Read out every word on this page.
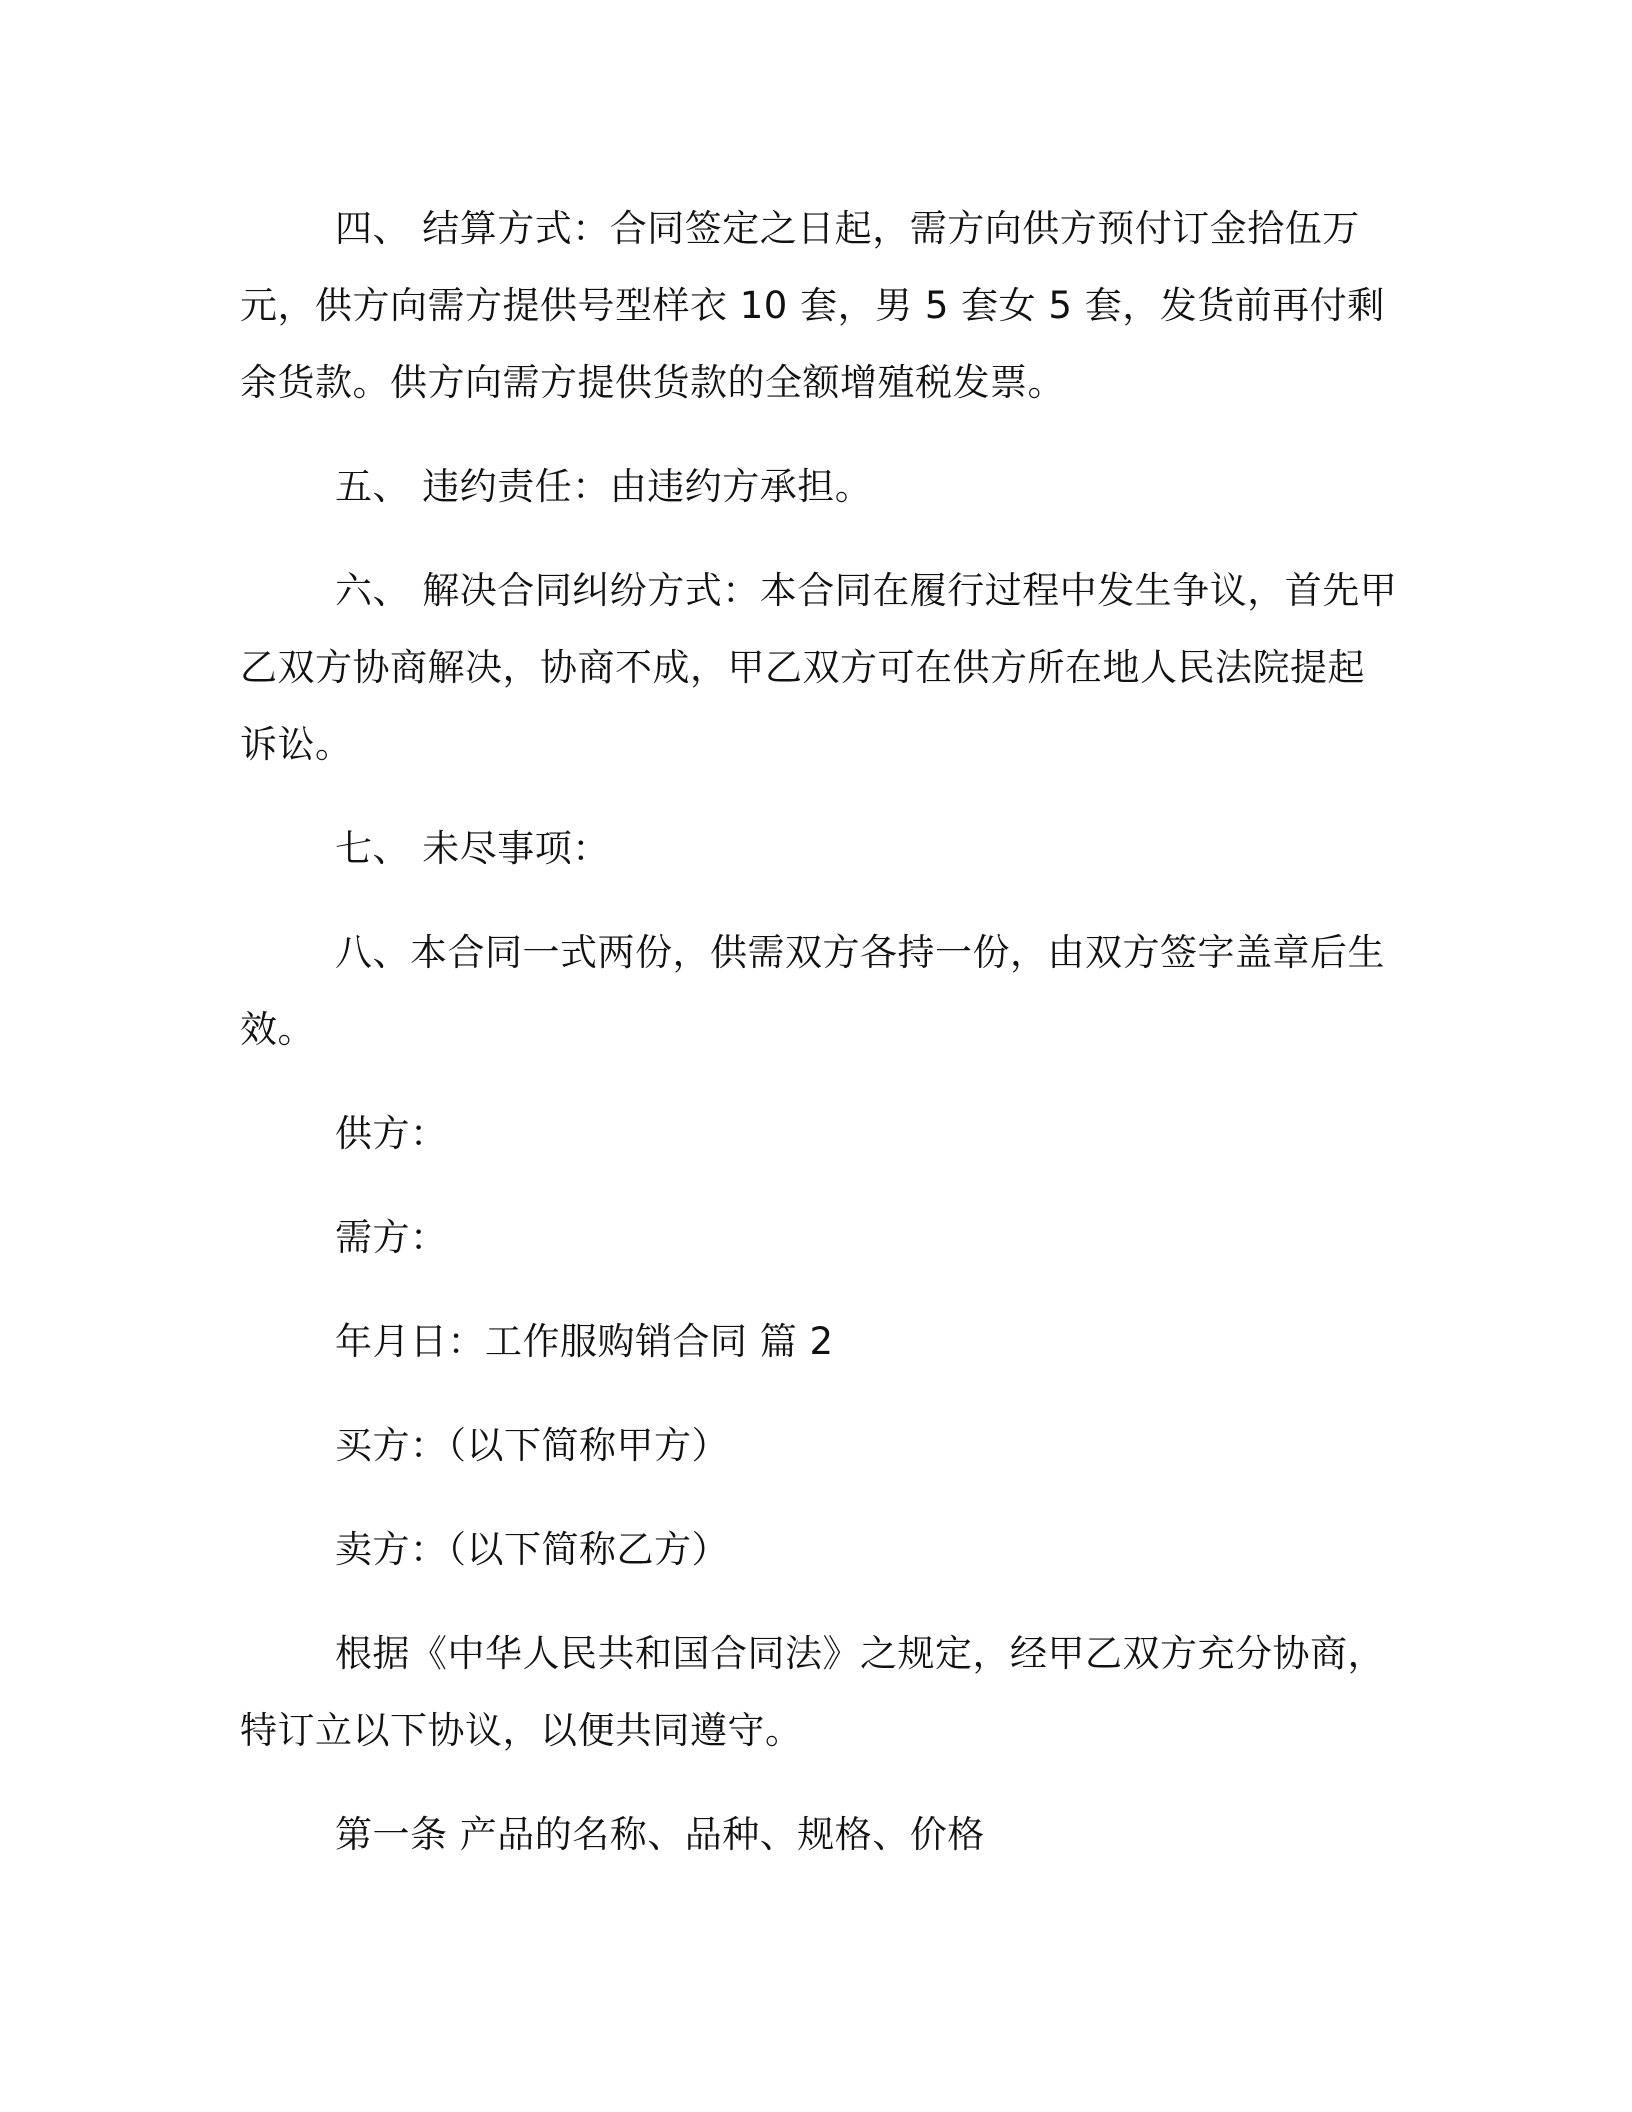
四、 结算方式：合同签定之日起，需方向供方预付订金拾伍万元，供方向需方提供号型样衣 10 套，男 5 套女 5 套，发货前再付剩余货款。供方向需方提供货款的全额增殖税发票。

五、 违约责任：由违约方承担。

六、 解决合同纠纷方式：本合同在履行过程中发生争议，首先甲乙双方协商解决，协商不成，甲乙双方可在供方所在地人民法院提起诉讼。

七、 未尽事项：

八、本合同一式两份，供需双方各持一份，由双方签字盖章后生效。

供方：

需方：

年月日：工作服购销合同 篇 2

买方：（以下简称甲方）

卖方：（以下简称乙方）

根据《中华人民共和国合同法》之规定，经甲乙双方充分协商，特订立以下协议，以便共同遵守。

第一条 产品的名称、品种、规格、价格
